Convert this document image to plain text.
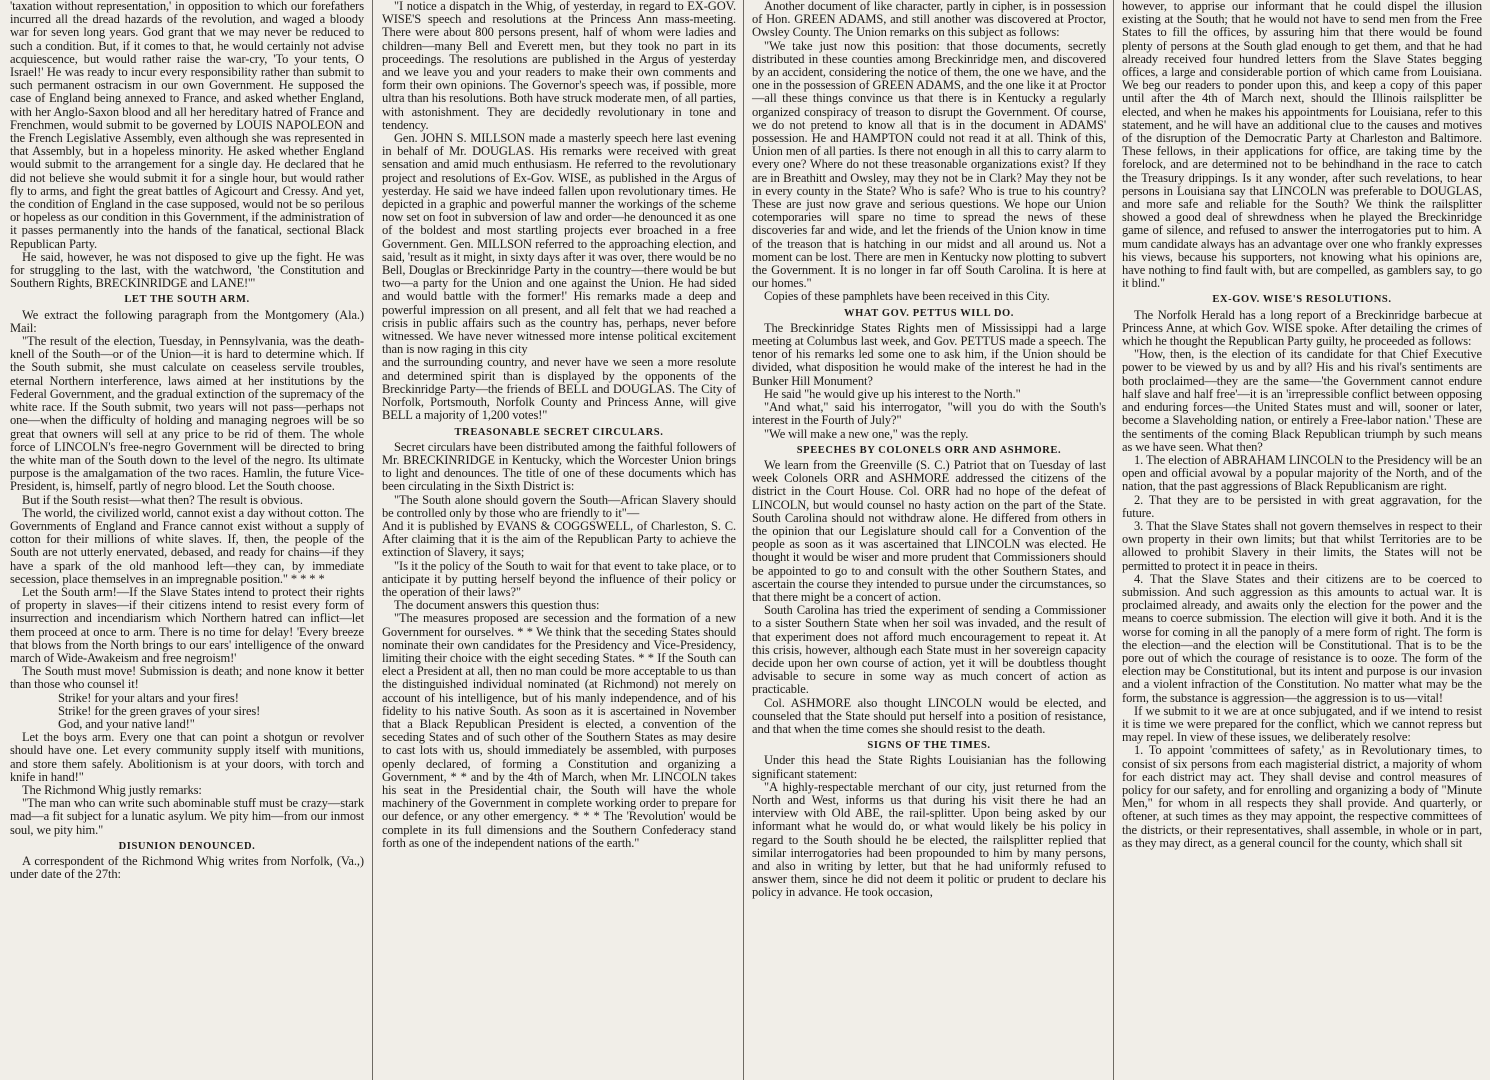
'taxation without representation,' in opposition to which our forefathers incurred all the dread hazards of the revolution, and waged a bloody war for seven long years. God grant that we may never be reduced to such a condition. But, if it comes to that, he would certainly not advise acquiescence, but would rather raise the war-cry, 'To your tents, O Israel!' He was ready to incur every responsibility rather than submit to such permanent ostracism in our own Government. He supposed the case of England being annexed to France, and asked whether England, with her Anglo-Saxon blood and all her hereditary hatred of France and Frenchmen, would submit to be governed by LOUIS NAPOLEON and the French Legislative Assembly, even although she was represented in that Assembly, but in a hopeless minority. He asked whether England would submit to the arrangement for a single day. He declared that he did not believe she would submit it for a single hour, but would rather fly to arms, and fight the great battles of Agicourt and Cressy. And yet, the condition of England in the case supposed, would not be so perilous or hopeless as our condition in this Government, if the administration of it passes permanently into the hands of the fanatical, sectional Black Republican Party.

He said, however, he was not disposed to give up the fight. He was for struggling to the last, with the watchword, 'the Constitution and Southern Rights, BRECKINRIDGE and LANE!'"

LET THE SOUTH ARM.

We extract the following paragraph from the Montgomery (Ala.) Mail:

"The result of the election, Tuesday, in Pennsylvania, was the death-knell of the South—or of the Union—it is hard to determine which. If the South submit, she must calculate on ceaseless servile troubles, eternal Northern interference, laws aimed at her institutions by the Federal Government, and the gradual extinction of the supremacy of the white race. If the South submit, two years will not pass—perhaps not one—when the difficulty of holding and managing negroes will be so great that owners will sell at any price to be rid of them. The whole force of LINCOLN's free-negro Government will be directed to bring the white man of the South down to the level of the negro. Its ultimate purpose is the amalgamation of the two races. Hamlin, the future Vice-President, is, himself, partly of negro blood. Let the South choose.

But if the South resist—what then? The result is obvious.

The world, the civilized world, cannot exist a day without cotton. The Governments of England and France cannot exist without a supply of cotton for their millions of white slaves. If, then, the people of the South are not utterly enervated, debased, and ready for chains—if they have a spark of the old manhood left—they can, by immediate secession, place themselves in an impregnable position." * * * *

Let the South arm!—If the Slave States intend to protect their rights of property in slaves—if their citizens intend to resist every form of insurrection and incendiarism which Northern hatred can inflict—let them proceed at once to arm. There is no time for delay! 'Every breeze that blows from the North brings to our ears' intelligence of the onward march of Wide-Awakeism and free negroism!'

The South must move! Submission is death; and none know it better than those who counsel it!

Strike! for your altars and your fires!

Strike! for the green graves of your sires!

God, and your native land!"

Let the boys arm. Every one that can point a shotgun or revolver should have one. Let every community supply itself with munitions, and store them safely. Abolitionism is at your doors, with torch and knife in hand!"

The Richmond Whig justly remarks:

"The man who can write such abominable stuff must be crazy—stark mad—a fit subject for a lunatic asylum. We pity him—from our inmost soul, we pity him."

DISUNION DENOUNCED.

A correspondent of the Richmond Whig writes from Norfolk, (Va.,) under date of the 27th:

"I notice a dispatch in the Whig, of yesterday, in regard to EX-GOV. WISE'S speech and resolutions at the Princess Ann mass-meeting. There were about 800 persons present, half of whom were ladies and children—many Bell and Everett men, but they took no part in its proceedings. The resolutions are published in the Argus of yesterday and we leave you and your readers to make their own comments and form their own opinions. The Governor's speech was, if possible, more ultra than his resolutions. Both have struck moderate men, of all parties, with astonishment. They are decidedly revolutionary in tone and tendency.

Gen. JOHN S. MILLSON made a masterly speech here last evening in behalf of Mr. DOUGLAS. His remarks were received with great sensation and amid much enthusiasm. He referred to the revolutionary project and resolutions of Ex-Gov. WISE, as published in the Argus of yesterday. He said we have indeed fallen upon revolutionary times. He depicted in a graphic and powerful manner the workings of the scheme now set on foot in subversion of law and order—he denounced it as one of the boldest and most startling projects ever broached in a free Government. Gen. MILLSON referred to the approaching election, and said, 'result as it might, in sixty days after it was over, there would be no Bell, Douglas or Breckinridge Party in the country—there would be but two—a party for the Union and one against the Union. He had sided and would battle with the former!' His remarks made a deep and powerful impression on all present, and all felt that we had reached a crisis in public affairs such as the country has, perhaps, never before witnessed. We have never witnessed more intense political excitement than is now raging in this city

and the surrounding country, and never have we seen a more resolute and determined spirit than is displayed by the opponents of the Breckinridge Party—the friends of BELL and DOUGLAS. The City of Norfolk, Portsmouth, Norfolk County and Princess Anne, will give BELL a majority of 1,200 votes!"

TREASONABLE SECRET CIRCULARS.

Secret circulars have been distributed among the faithful followers of Mr. BRECKINRIDGE in Kentucky, which the Worcester Union brings to light and denounces. The title of one of these documents which has been circulating in the Sixth District is:

"The South alone should govern the South—African Slavery should be controlled only by those who are friendly to it"—

And it is published by EVANS & COGGSWELL, of Charleston, S. C. After claiming that it is the aim of the Republican Party to achieve the extinction of Slavery, it says;

"Is it the policy of the South to wait for that event to take place, or to anticipate it by putting herself beyond the influence of their policy or the operation of their laws?"

The document answers this question thus:

"The measures proposed are secession and the formation of a new Government for ourselves. * * We think that the seceding States should nominate their own candidates for the Presidency and Vice-Presidency, limiting their choice with the eight seceding States. * * If the South can elect a President at all, then no man could be more acceptable to us than the distinguished individual nominated (at Richmond) not merely on account of his intelligence, but of his manly independence, and of his fidelity to his native South. As soon as it is ascertained in November that a Black Republican President is elected, a convention of the seceding States and of such other of the Southern States as may desire to cast lots with us, should immediately be assembled, with purposes openly declared, of forming a Constitution and organizing a Government, * * and by the 4th of March, when Mr. LINCOLN takes his seat in the Presidential chair, the South will have the whole machinery of the Government in complete working order to prepare for our defence, or any other emergency. * * * The 'Revolution' would be complete in its full dimensions and the Southern Confederacy stand forth as one of the independent nations of the earth."

Another document of like character, partly in cipher, is in possession of Hon. GREEN ADAMS, and still another was discovered at Proctor, Owsley County. The Union remarks on this subject as follows:

"We take just now this position: that those documents, secretly distributed in these counties among Breckinridge men, and discovered by an accident, considering the notice of them, the one we have, and the one in the possession of GREEN ADAMS, and the one like it at Proctor—all these things convince us that there is in Kentucky a regularly organized conspiracy of treason to disrupt the Government. Of course, we do not pretend to know all that is in the document in ADAMS' possession. He and HAMPTON could not read it at all. Think of this, Union men of all parties. Is there not enough in all this to carry alarm to every one? Where do not these treasonable organizations exist? If they are in Breathitt and Owsley, may they not be in Clark? May they not be in every county in the State? Who is safe? Who is true to his country? These are just now grave and serious questions. We hope our Union cotemporaries will spare no time to spread the news of these discoveries far and wide, and let the friends of the Union know in time of the treason that is hatching in our midst and all around us. Not a moment can be lost. There are men in Kentucky now plotting to subvert the Government. It is no longer in far off South Carolina. It is here at our homes."

Copies of these pamphlets have been received in this City.

WHAT GOV. PETTUS WILL DO.

The Breckinridge States Rights men of Mississippi had a large meeting at Columbus last week, and Gov. PETTUS made a speech. The tenor of his remarks led some one to ask him, if the Union should be divided, what disposition he would make of the interest he had in the Bunker Hill Monument?

He said "he would give up his interest to the North."

"And what," said his interrogator, "will you do with the South's interest in the Fourth of July?"

"We will make a new one," was the reply.

SPEECHES BY COLONELS ORR AND ASHMORE.

We learn from the Greenville (S. C.) Patriot that on Tuesday of last week Colonels ORR and ASHMORE addressed the citizens of the district in the Court House. Col. ORR had no hope of the defeat of LINCOLN, but would counsel no hasty action on the part of the State. South Carolina should not withdraw alone. He differed from others in the opinion that our Legislature should call for a Convention of the people as soon as it was ascertained that LINCOLN was elected. He thought it would be wiser and more prudent that Commissioners should be appointed to go to and consult with the other Southern States, and ascertain the course they intended to pursue under the circumstances, so that there might be a concert of action.

South Carolina has tried the experiment of sending a Commissioner to a sister Southern State when her soil was invaded, and the result of that experiment does not afford much encouragement to repeat it. At this crisis, however, although each State must in her sovereign capacity decide upon her own course of action, yet it will be doubtless thought advisable to secure in some way as much concert of action as practicable.

Col. ASHMORE also thought LINCOLN would be elected, and counseled that the State should put herself into a position of resistance, and that when the time comes she should resist to the death.

SIGNS OF THE TIMES.

Under this head the State Rights Louisianian has the following significant statement:

"A highly-respectable merchant of our city, just returned from the North and West, informs us that during his visit there he had an interview with Old ABE, the rail-splitter. Upon being asked by our informant what he would do, or what would likely be his policy in regard to the South should he be elected, the railsplitter replied that similar interrogatories had been propounded to him by many persons, and also in writing by letter, but that he had uniformly refused to answer them, since he did not deem it politic or prudent to declare his policy in advance. He took occasion,

however, to apprise our informant that he could dispel the illusion existing at the South; that he would not have to send men from the Free States to fill the offices, by assuring him that there would be found plenty of persons at the South glad enough to get them, and that he had already received four hundred letters from the Slave States begging offices, a large and considerable portion of which came from Louisiana. We beg our readers to ponder upon this, and keep a copy of this paper until after the 4th of March next, should the Illinois railsplitter be elected, and when he makes his appointments for Louisiana, refer to this statement, and he will have an additional clue to the causes and motives of the disruption of the Democratic Party at Charleston and Baltimore. These fellows, in their applications for office, are taking time by the forelock, and are determined not to be behindhand in the race to catch the Treasury drippings. Is it any wonder, after such revelations, to hear persons in Louisiana say that LINCOLN was preferable to DOUGLAS, and more safe and reliable for the South? We think the railsplitter showed a good deal of shrewdness when he played the Breckinridge game of silence, and refused to answer the interrogatories put to him. A mum candidate always has an advantage over one who frankly expresses his views, because his supporters, not knowing what his opinions are, have nothing to find fault with, but are compelled, as gamblers say, to go it blind."

EX-GOV. WISE'S RESOLUTIONS.

The Norfolk Herald has a long report of a Breckinridge barbecue at Princess Anne, at which Gov. WISE spoke. After detailing the crimes of which he thought the Republican Party guilty, he proceeded as follows:

"How, then, is the election of its candidate for that Chief Executive power to be viewed by us and by all? His and his rival's sentiments are both proclaimed—they are the same—'the Government cannot endure half slave and half free'—it is an 'irrepressible conflict between opposing and enduring forces—the United States must and will, sooner or later, become a Slaveholding nation, or entirely a Free-labor nation.' These are the sentiments of the coming Black Republican triumph by such means as we have seen. What then?

1. The election of ABRAHAM LINCOLN to the Presidency will be an open and official avowal by a popular majority of the North, and of the nation, that the past aggressions of Black Republicanism are right.

2. That they are to be persisted in with great aggravation, for the future.

3. That the Slave States shall not govern themselves in respect to their own property in their own limits; but that whilst Territories are to be allowed to prohibit Slavery in their limits, the States will not be permitted to protect it in peace in theirs.

4. That the Slave States and their citizens are to be coerced to submission. And such aggression as this amounts to actual war. It is proclaimed already, and awaits only the election for the power and the means to coerce submission. The election will give it both. And it is the worse for coming in all the panoply of a mere form of right. The form is the election—and the election will be Constitutional. That is to be the pore out of which the courage of resistance is to ooze. The form of the election may be Constitutional, but its intent and purpose is our invasion and a violent infraction of the Constitution. No matter what may be the form, the substance is aggression—the aggression is to us—vital!

If we submit to it we are at once subjugated, and if we intend to resist it is time we were prepared for the conflict, which we cannot repress but may repel. In view of these issues, we deliberately resolve:

1. To appoint 'committees of safety,' as in Revolutionary times, to consist of six persons from each magisterial district, a majority of whom for each district may act. They shall devise and control measures of policy for our safety, and for enrolling and organizing a body of "Minute Men," for whom in all respects they shall provide. And quarterly, or oftener, at such times as they may appoint, the respective committees of the districts, or their representatives, shall assemble, in whole or in part, as they may direct, as a general council for the county, which shall sit
